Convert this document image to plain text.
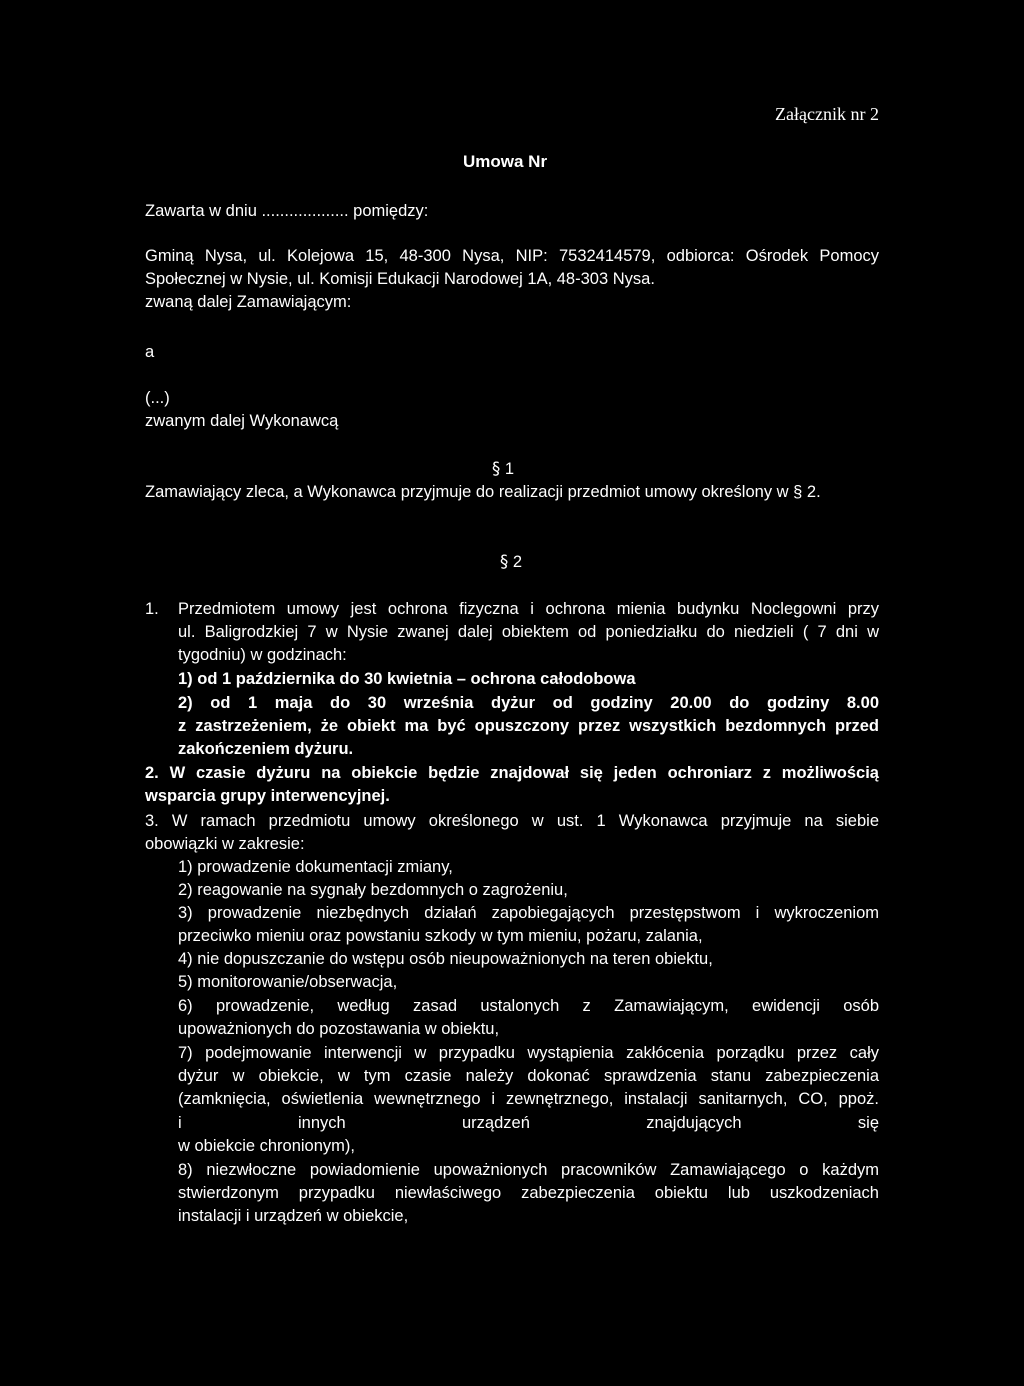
Załącznik nr 2
Umowa Nr
Zawarta w dniu ................... pomiędzy:
Gminą Nysa, ul. Kolejowa 15, 48-300 Nysa, NIP: 7532414579, odbiorca: Ośrodek Pomocy
Społecznej w Nysie, ul. Komisji Edukacji Narodowej 1A, 48-303 Nysa.
zwaną dalej Zamawiającym:
a
(...)
zwanym dalej Wykonawcą
§ 1
Zamawiający zleca, a Wykonawca przyjmuje do realizacji przedmiot umowy określony w § 2.
§ 2
1. Przedmiotem umowy jest ochrona fizyczna i ochrona mienia budynku Noclegowni przy
ul. Baligrodzkiej 7 w Nysie zwanej dalej obiektem od poniedziałku do niedzieli ( 7 dni w
tygodniu) w godzinach:
1) od 1 października do 30 kwietnia – ochrona całodobowa
2) od 1 maja do 30 września dyżur od godziny 20.00 do godziny 8.00
z zastrzeżeniem, że obiekt ma być opuszczony przez wszystkich bezdomnych przed
zakończeniem dyżuru.
2. W czasie dyżuru na obiekcie będzie znajdował się jeden ochroniarz z możliwością
wsparcia grupy interwencyjnej.
3. W ramach przedmiotu umowy określonego w ust. 1 Wykonawca przyjmuje na siebie
obowiązki w zakresie:
1) prowadzenie dokumentacji zmiany,
2) reagowanie na sygnały bezdomnych o zagrożeniu,
3) prowadzenie niezbędnych działań zapobiegających przestępstwom i wykroczeniom
przeciwko mieniu oraz powstaniu szkody w tym mieniu, pożaru, zalania,
4) nie dopuszczanie do wstępu osób nieupoważnionych na teren obiektu,
5) monitorowanie/obserwacja,
6) prowadzenie, według zasad ustalonych z Zamawiającym, ewidencji osób
upoważnionych do pozostawania w obiektu,
7) podejmowanie interwencji w przypadku wystąpienia zakłócenia porządku przez cały
dyżur w obiekcie, w tym czasie należy dokonać sprawdzenia stanu zabezpieczenia
(zamknięcia, oświetlenia wewnętrznego i zewnętrznego, instalacji sanitarnych, CO, ppoż.
i innych urządzeń znajdujących się
w obiekcie chronionym),
8) niezwłoczne powiadomienie upoważnionych pracowników Zamawiającego o każdym
stwierdzonym przypadku niewłaściwego zabezpieczenia obiektu lub uszkodzeniach
instalacji i urządzeń w obiekcie,
